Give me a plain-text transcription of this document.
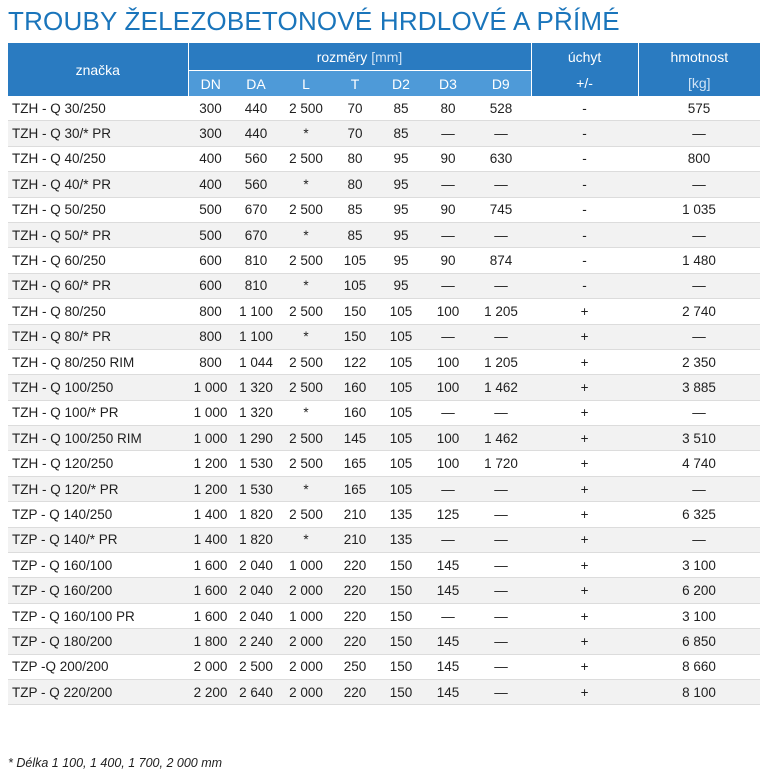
TROUBY ŽELEZOBETONOVÉ HRDLOVÉ A PŘÍMÉ
značka	rozměry [mm]							úchyt	hmotnost
	DN	DA	L	T	D2	D3	D9	+/-	[kg]
TZH - Q 30/250	300	440	2 500	70	85	80	528	-	575
TZH - Q 30/* PR	300	440	*	70	85	—	—	-	—
TZH - Q 40/250	400	560	2 500	80	95	90	630	-	800
TZH - Q 40/* PR	400	560	*	80	95	—	—	-	—
TZH - Q 50/250	500	670	2 500	85	95	90	745	-	1 035
TZH - Q 50/* PR	500	670	*	85	95	—	—	-	—
TZH - Q 60/250	600	810	2 500	105	95	90	874	-	1 480
TZH - Q 60/* PR	600	810	*	105	95	—	—	-	—
TZH - Q 80/250	800	1 100	2 500	150	105	100	1 205	+	2 740
TZH - Q 80/* PR	800	1 100	*	150	105	—	—	+	—
TZH - Q 80/250 RIM	800	1 044	2 500	122	105	100	1 205	+	2 350
TZH - Q 100/250	1 000	1 320	2 500	160	105	100	1 462	+	3 885
TZH - Q 100/* PR	1 000	1 320	*	160	105	—	—	+	—
TZH - Q 100/250 RIM	1 000	1 290	2 500	145	105	100	1 462	+	3 510
TZH - Q 120/250	1 200	1 530	2 500	165	105	100	1 720	+	4 740
TZH - Q 120/* PR	1 200	1 530	*	165	105	—	—	+	—
TZP - Q 140/250	1 400	1 820	2 500	210	135	125	—	+	6 325
TZP - Q 140/* PR	1 400	1 820	*	210	135	—	—	+	—
TZP - Q 160/100	1 600	2 040	1 000	220	150	145	—	+	3 100
TZP - Q 160/200	1 600	2 040	2 000	220	150	145	—	+	6 200
TZP - Q 160/100 PR	1 600	2 040	1 000	220	150	—	—	+	3 100
TZP - Q 180/200	1 800	2 240	2 000	220	150	145	—	+	6 850
TZP -Q 200/200	2 000	2 500	2 000	250	150	145	—	+	8 660
TZP - Q 220/200	2 200	2 640	2 000	220	150	145	—	+	8 100
* Délka 1 100, 1 400, 1 700, 2 000 mm
